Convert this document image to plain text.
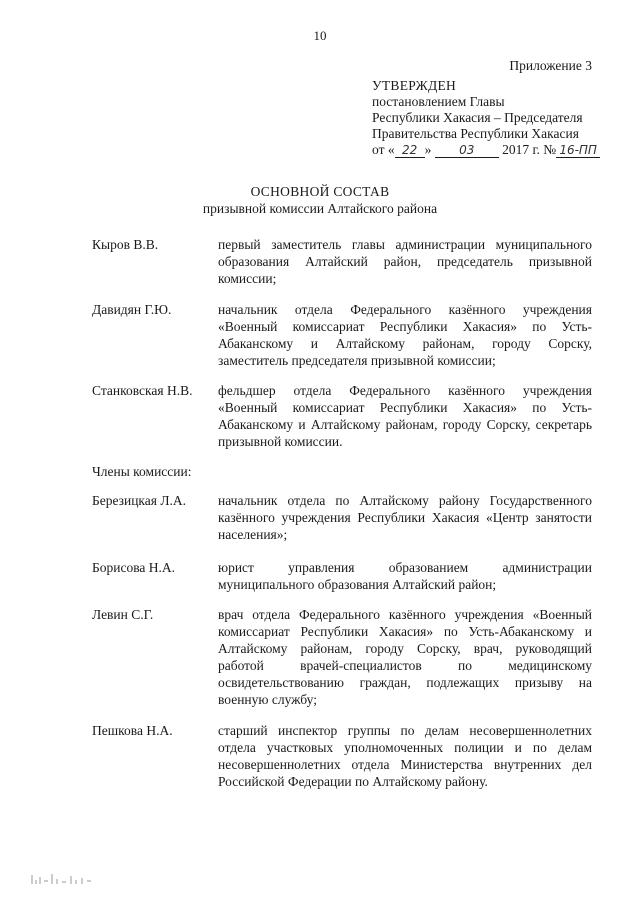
10
Приложение 3
УТВЕРЖДЕН
постановлением Главы
Республики Хакасия – Председателя
Правительства Республики Хакасия
от « 22 » 03 2017 г. № 16-ПП
ОСНОВНОЙ СОСТАВ
призывной комиссии Алтайского района
Кыров В.В.	первый заместитель главы администрации муниципального образования Алтайский район, председатель призывной комиссии;
Давидян Г.Ю.	начальник отдела Федерального казённого учреждения «Военный комиссариат Республики Хакасия» по Усть-Абаканскому и Алтайскому районам, городу Сорску, заместитель председателя призывной комиссии;
Станковская Н.В.	фельдшер отдела Федерального казённого учреждения «Военный комиссариат Республики Хакасия» по Усть-Абаканскому и Алтайскому районам, городу Сорску, секретарь призывной комиссии.
Члены комиссии:
Березицкая Л.А.	начальник отдела по Алтайскому району Государственного казённого учреждения Республики Хакасия «Центр занятости населения»;
Борисова Н.А.	юрист управления образованием администрации муниципального образования Алтайский район;
Левин С.Г.	врач отдела Федерального казённого учреждения «Военный комиссариат Республики Хакасия» по Усть-Абаканскому и Алтайскому районам, городу Сорску, врач, руководящий работой врачей-специалистов по медицинскому освидетельствованию граждан, подлежащих призыву на военную службу;
Пешкова Н.А.	старший инспектор группы по делам несовершеннолетних отдела участковых уполномоченных полиции и по делам несовершеннолетних отдела Министерства внутренних дел Российской Федерации по Алтайскому району.
